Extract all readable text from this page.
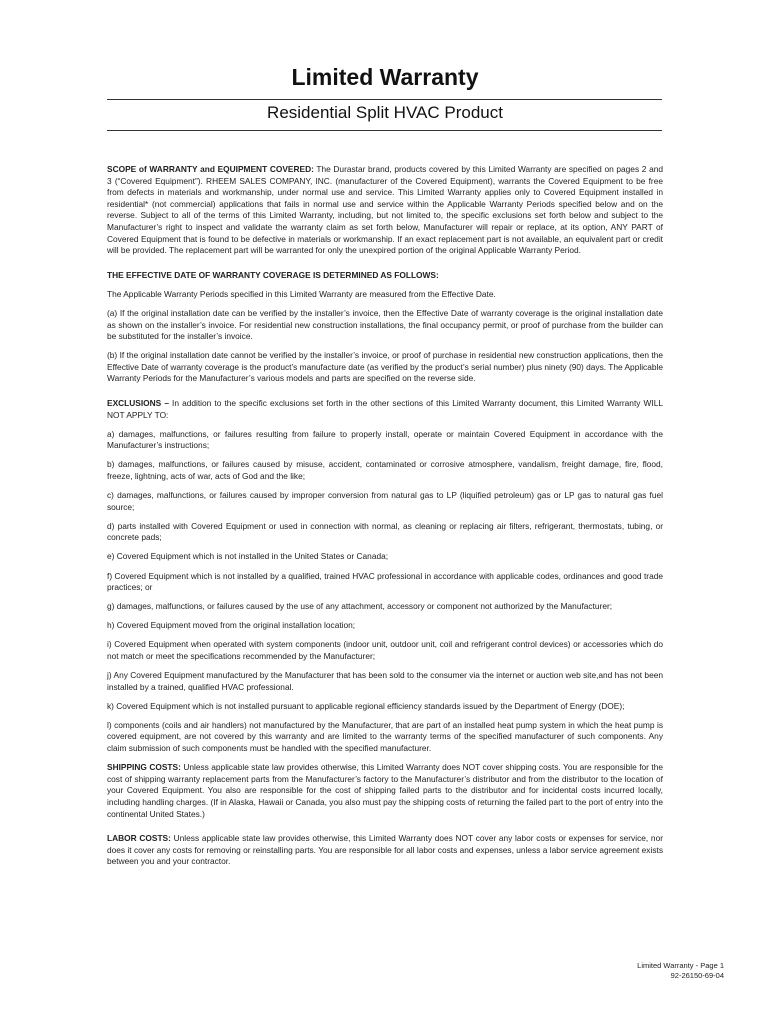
Limited Warranty
Residential Split HVAC Product

SCOPE of WARRANTY and EQUIPMENT COVERED: The Durastar brand, products covered by this Limited Warranty are specified on pages 2 and 3 (“Covered Equipment”). RHEEM SALES COMPANY, INC. (manufacturer of the Covered Equipment), warrants the Covered Equipment to be free from defects in materials and workmanship, under normal use and service. This Limited Warranty applies only to Covered Equipment installed in residential* (not commercial) applications that fails in normal use and service within the Applicable Warranty Periods specified below and on the reverse. Subject to all of the terms of this Limited Warranty, including, but not limited to, the specific exclusions set forth below and subject to the Manufacturer’s right to inspect and validate the warranty claim as set forth below, Manufacturer will repair or replace, at its option, ANY PART of Covered Equipment that is found to be defective in materials or workmanship. If an exact replacement part is not available, an equivalent part or credit will be provided. The replacement part will be warranted for only the unexpired portion of the original Applicable Warranty Period.

THE EFFECTIVE DATE OF WARRANTY COVERAGE IS DETERMINED AS FOLLOWS:

The Applicable Warranty Periods specified in this Limited Warranty are measured from the Effective Date.

(a) If the original installation date can be verified by the installer’s invoice, then the Effective Date of warranty coverage is the original installation date as shown on the installer’s invoice. For residential new construction installations, the final occupancy permit, or proof of purchase from the builder can be substituted for the installer’s invoice.

(b) If the original installation date cannot be verified by the installer’s invoice, or proof of purchase in residential new construction applications, then the Effective Date of warranty coverage is the product’s manufacture date (as verified by the product’s serial number) plus ninety (90) days. The Applicable Warranty Periods for the Manufacturer’s various models and parts are specified on the reverse side.

EXCLUSIONS – In addition to the specific exclusions set forth in the other sections of this Limited Warranty document, this Limited Warranty WILL NOT APPLY TO:

a) damages, malfunctions, or failures resulting from failure to properly install, operate or maintain Covered Equipment in accordance with the Manufacturer’s instructions;

b) damages, malfunctions, or failures caused by misuse, accident, contaminated or corrosive atmosphere, vandalism, freight damage, fire, flood, freeze, lightning, acts of war, acts of God and the like;

c) damages, malfunctions, or failures caused by improper conversion from natural gas to LP (liquified petroleum) gas or LP gas to natural gas fuel source;

d) parts installed with Covered Equipment or used in connection with normal, as cleaning or replacing air filters, refrigerant, thermostats, tubing, or concrete pads;

e) Covered Equipment which is not installed in the United States or Canada;

f) Covered Equipment which is not installed by a qualified, trained HVAC professional in accordance with applicable codes, ordinances and good trade practices; or

g) damages, malfunctions, or failures caused by the use of any attachment, accessory or component not authorized by the Manufacturer;

h) Covered Equipment moved from the original installation location;

i) Covered Equipment when operated with system components (indoor unit, outdoor unit, coil and refrigerant control devices) or accessories which do not match or meet the specifications recommended by the Manufacturer;

j) Any Covered Equipment manufactured by the Manufacturer that has been sold to the consumer via the internet or auction web site,and has not been installed by a trained, qualified HVAC professional.

k) Covered Equipment which is not installed pursuant to applicable regional efficiency standards issued by the Department of Energy (DOE);

l) components (coils and air handlers) not manufactured by the Manufacturer, that are part of an installed heat pump system in which the heat pump is covered equipment, are not covered by this warranty and are limited to the warranty terms of the specified manufacturer of such components. Any claim submission of such components must be handled with the specified manufacturer.

SHIPPING COSTS: Unless applicable state law provides otherwise, this Limited Warranty does NOT cover shipping costs. You are responsible for the cost of shipping warranty replacement parts from the Manufacturer’s factory to the Manufacturer’s distributor and from the distributor to the location of your Covered Equipment. You also are responsible for the cost of shipping failed parts to the distributor and for incidental costs incurred locally, including handling charges. (If in Alaska, Hawaii or Canada, you also must pay the shipping costs of returning the failed part to the port of entry into the continental United States.)

LABOR COSTS: Unless applicable state law provides otherwise, this Limited Warranty does NOT cover any labor costs or expenses for service, nor does it cover any costs for removing or reinstalling parts. You are responsible for all labor costs and expenses, unless a labor service agreement exists between you and your contractor.

Limited Warranty - Page 1
92-26150-69-04
